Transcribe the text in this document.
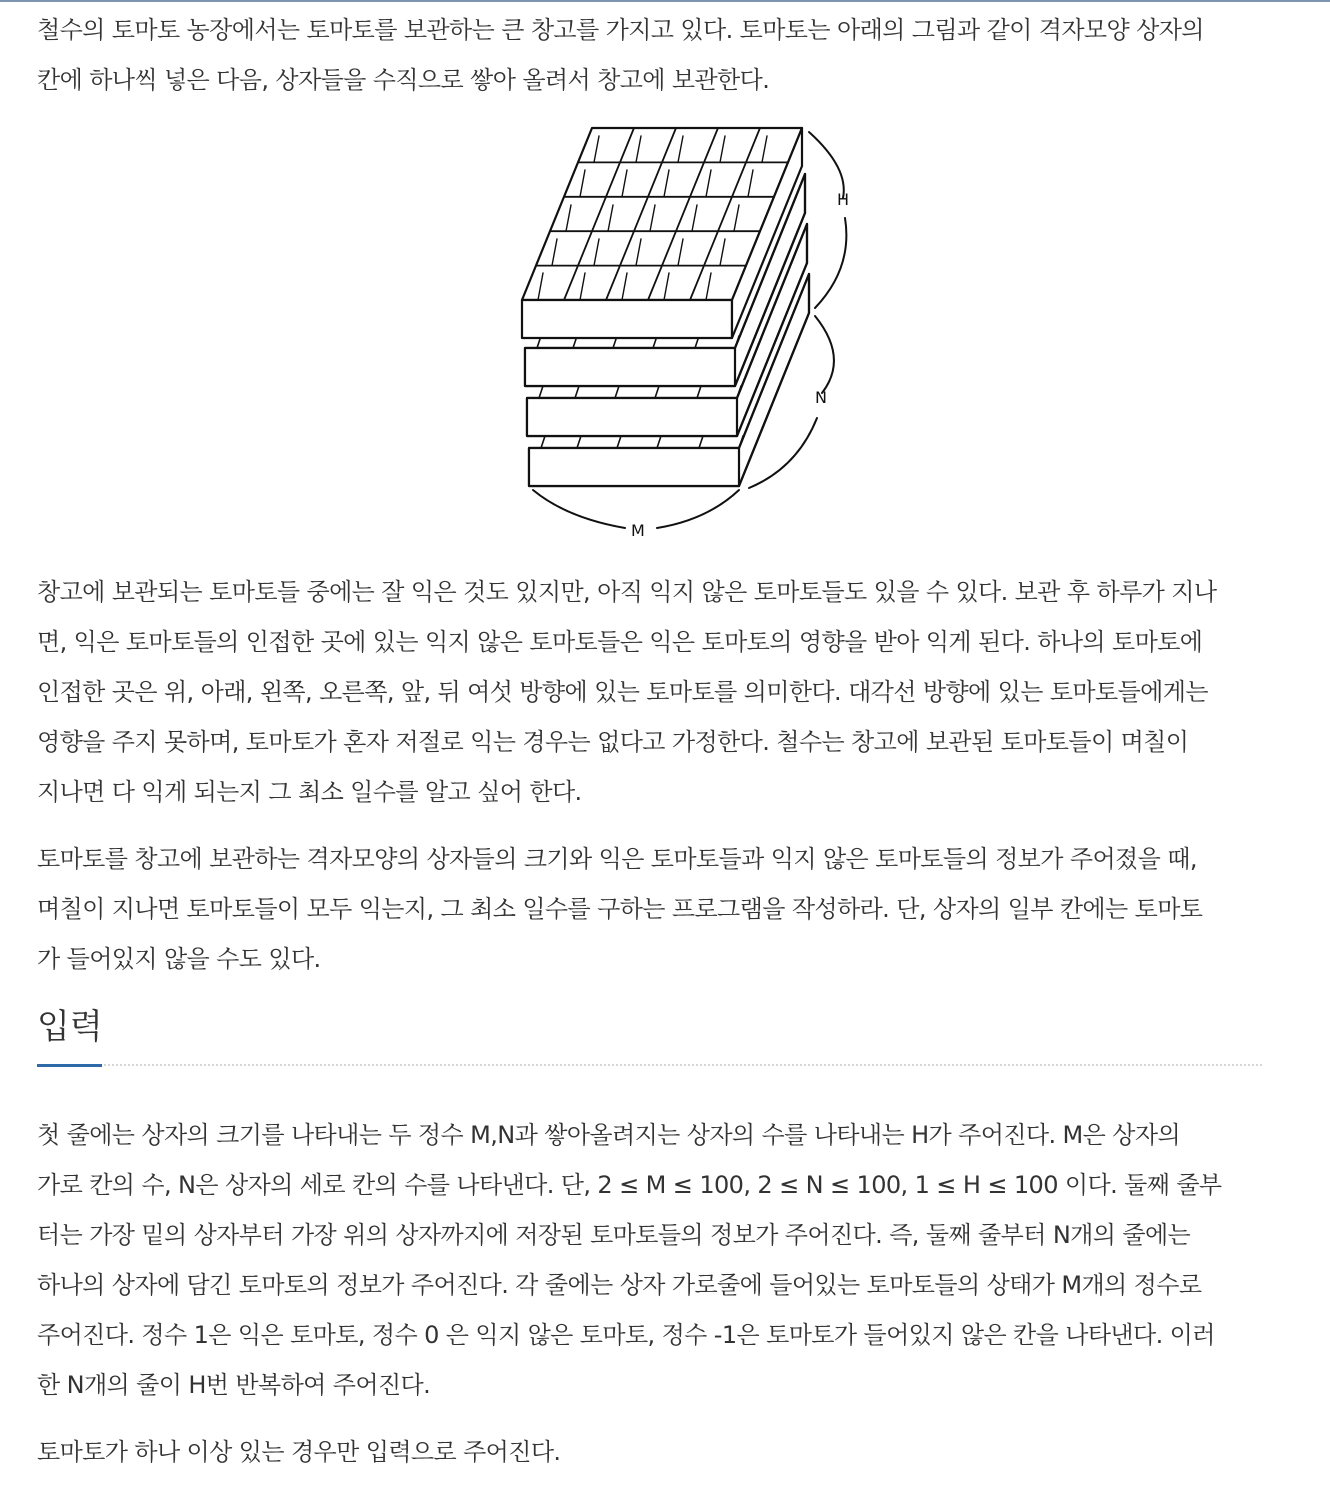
철수의 토마토 농장에서는 토마토를 보관하는 큰 창고를 가지고 있다. 토마토는 아래의 그림과 같이 격자모양 상자의
칸에 하나씩 넣은 다음, 상자들을 수직으로 쌓아 올려서 창고에 보관한다.

H
N
M

창고에 보관되는 토마토들 중에는 잘 익은 것도 있지만, 아직 익지 않은 토마토들도 있을 수 있다. 보관 후 하루가 지나
면, 익은 토마토들의 인접한 곳에 있는 익지 않은 토마토들은 익은 토마토의 영향을 받아 익게 된다. 하나의 토마토에
인접한 곳은 위, 아래, 왼쪽, 오른쪽, 앞, 뒤 여섯 방향에 있는 토마토를 의미한다. 대각선 방향에 있는 토마토들에게는
영향을 주지 못하며, 토마토가 혼자 저절로 익는 경우는 없다고 가정한다. 철수는 창고에 보관된 토마토들이 며칠이
지나면 다 익게 되는지 그 최소 일수를 알고 싶어 한다.

토마토를 창고에 보관하는 격자모양의 상자들의 크기와 익은 토마토들과 익지 않은 토마토들의 정보가 주어졌을 때,
며칠이 지나면 토마토들이 모두 익는지, 그 최소 일수를 구하는 프로그램을 작성하라. 단, 상자의 일부 칸에는 토마토
가 들어있지 않을 수도 있다.

입력

첫 줄에는 상자의 크기를 나타내는 두 정수 M,N과 쌓아올려지는 상자의 수를 나타내는 H가 주어진다. M은 상자의
가로 칸의 수, N은 상자의 세로 칸의 수를 나타낸다. 단, 2 ≤ M ≤ 100, 2 ≤ N ≤ 100, 1 ≤ H ≤ 100 이다. 둘째 줄부
터는 가장 밑의 상자부터 가장 위의 상자까지에 저장된 토마토들의 정보가 주어진다. 즉, 둘째 줄부터 N개의 줄에는
하나의 상자에 담긴 토마토의 정보가 주어진다. 각 줄에는 상자 가로줄에 들어있는 토마토들의 상태가 M개의 정수로
주어진다. 정수 1은 익은 토마토, 정수 0 은 익지 않은 토마토, 정수 -1은 토마토가 들어있지 않은 칸을 나타낸다. 이러
한 N개의 줄이 H번 반복하여 주어진다.

토마토가 하나 이상 있는 경우만 입력으로 주어진다.
